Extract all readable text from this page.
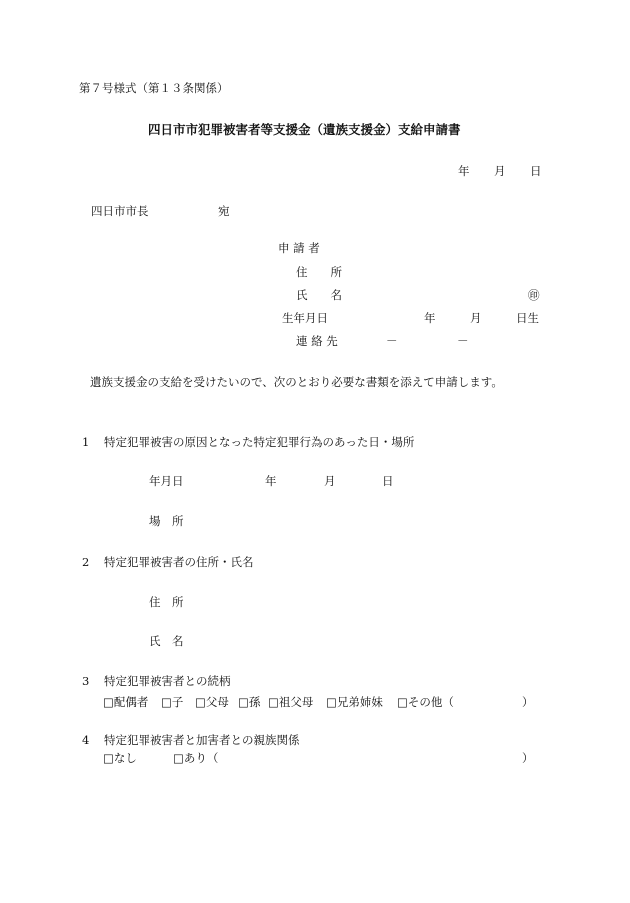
第７号様式（第１３条関係）
四日市市犯罪被害者等支援金（遺族支援金）支給申請書
年 月 日
四日市市長	宛
申 請 者
住　　所
氏　　名	㊞
生年月日	年	月	日生
連 絡 先	－	－
遺族支援金の支給を受けたいので、次のとおり必要な書類を添えて申請します。
1 特定犯罪被害の原因となった特定犯罪行為のあった日・場所
年月日	年	月	日
場　所
2 特定犯罪被害者の住所・氏名
住　所
氏　名
3 特定犯罪被害者との続柄
□配偶者 □子 □父母 □孫 □祖父母 □兄弟姉妹 □その他（	）
4 特定犯罪被害者と加害者との親族関係
□なし	□あり（	）
